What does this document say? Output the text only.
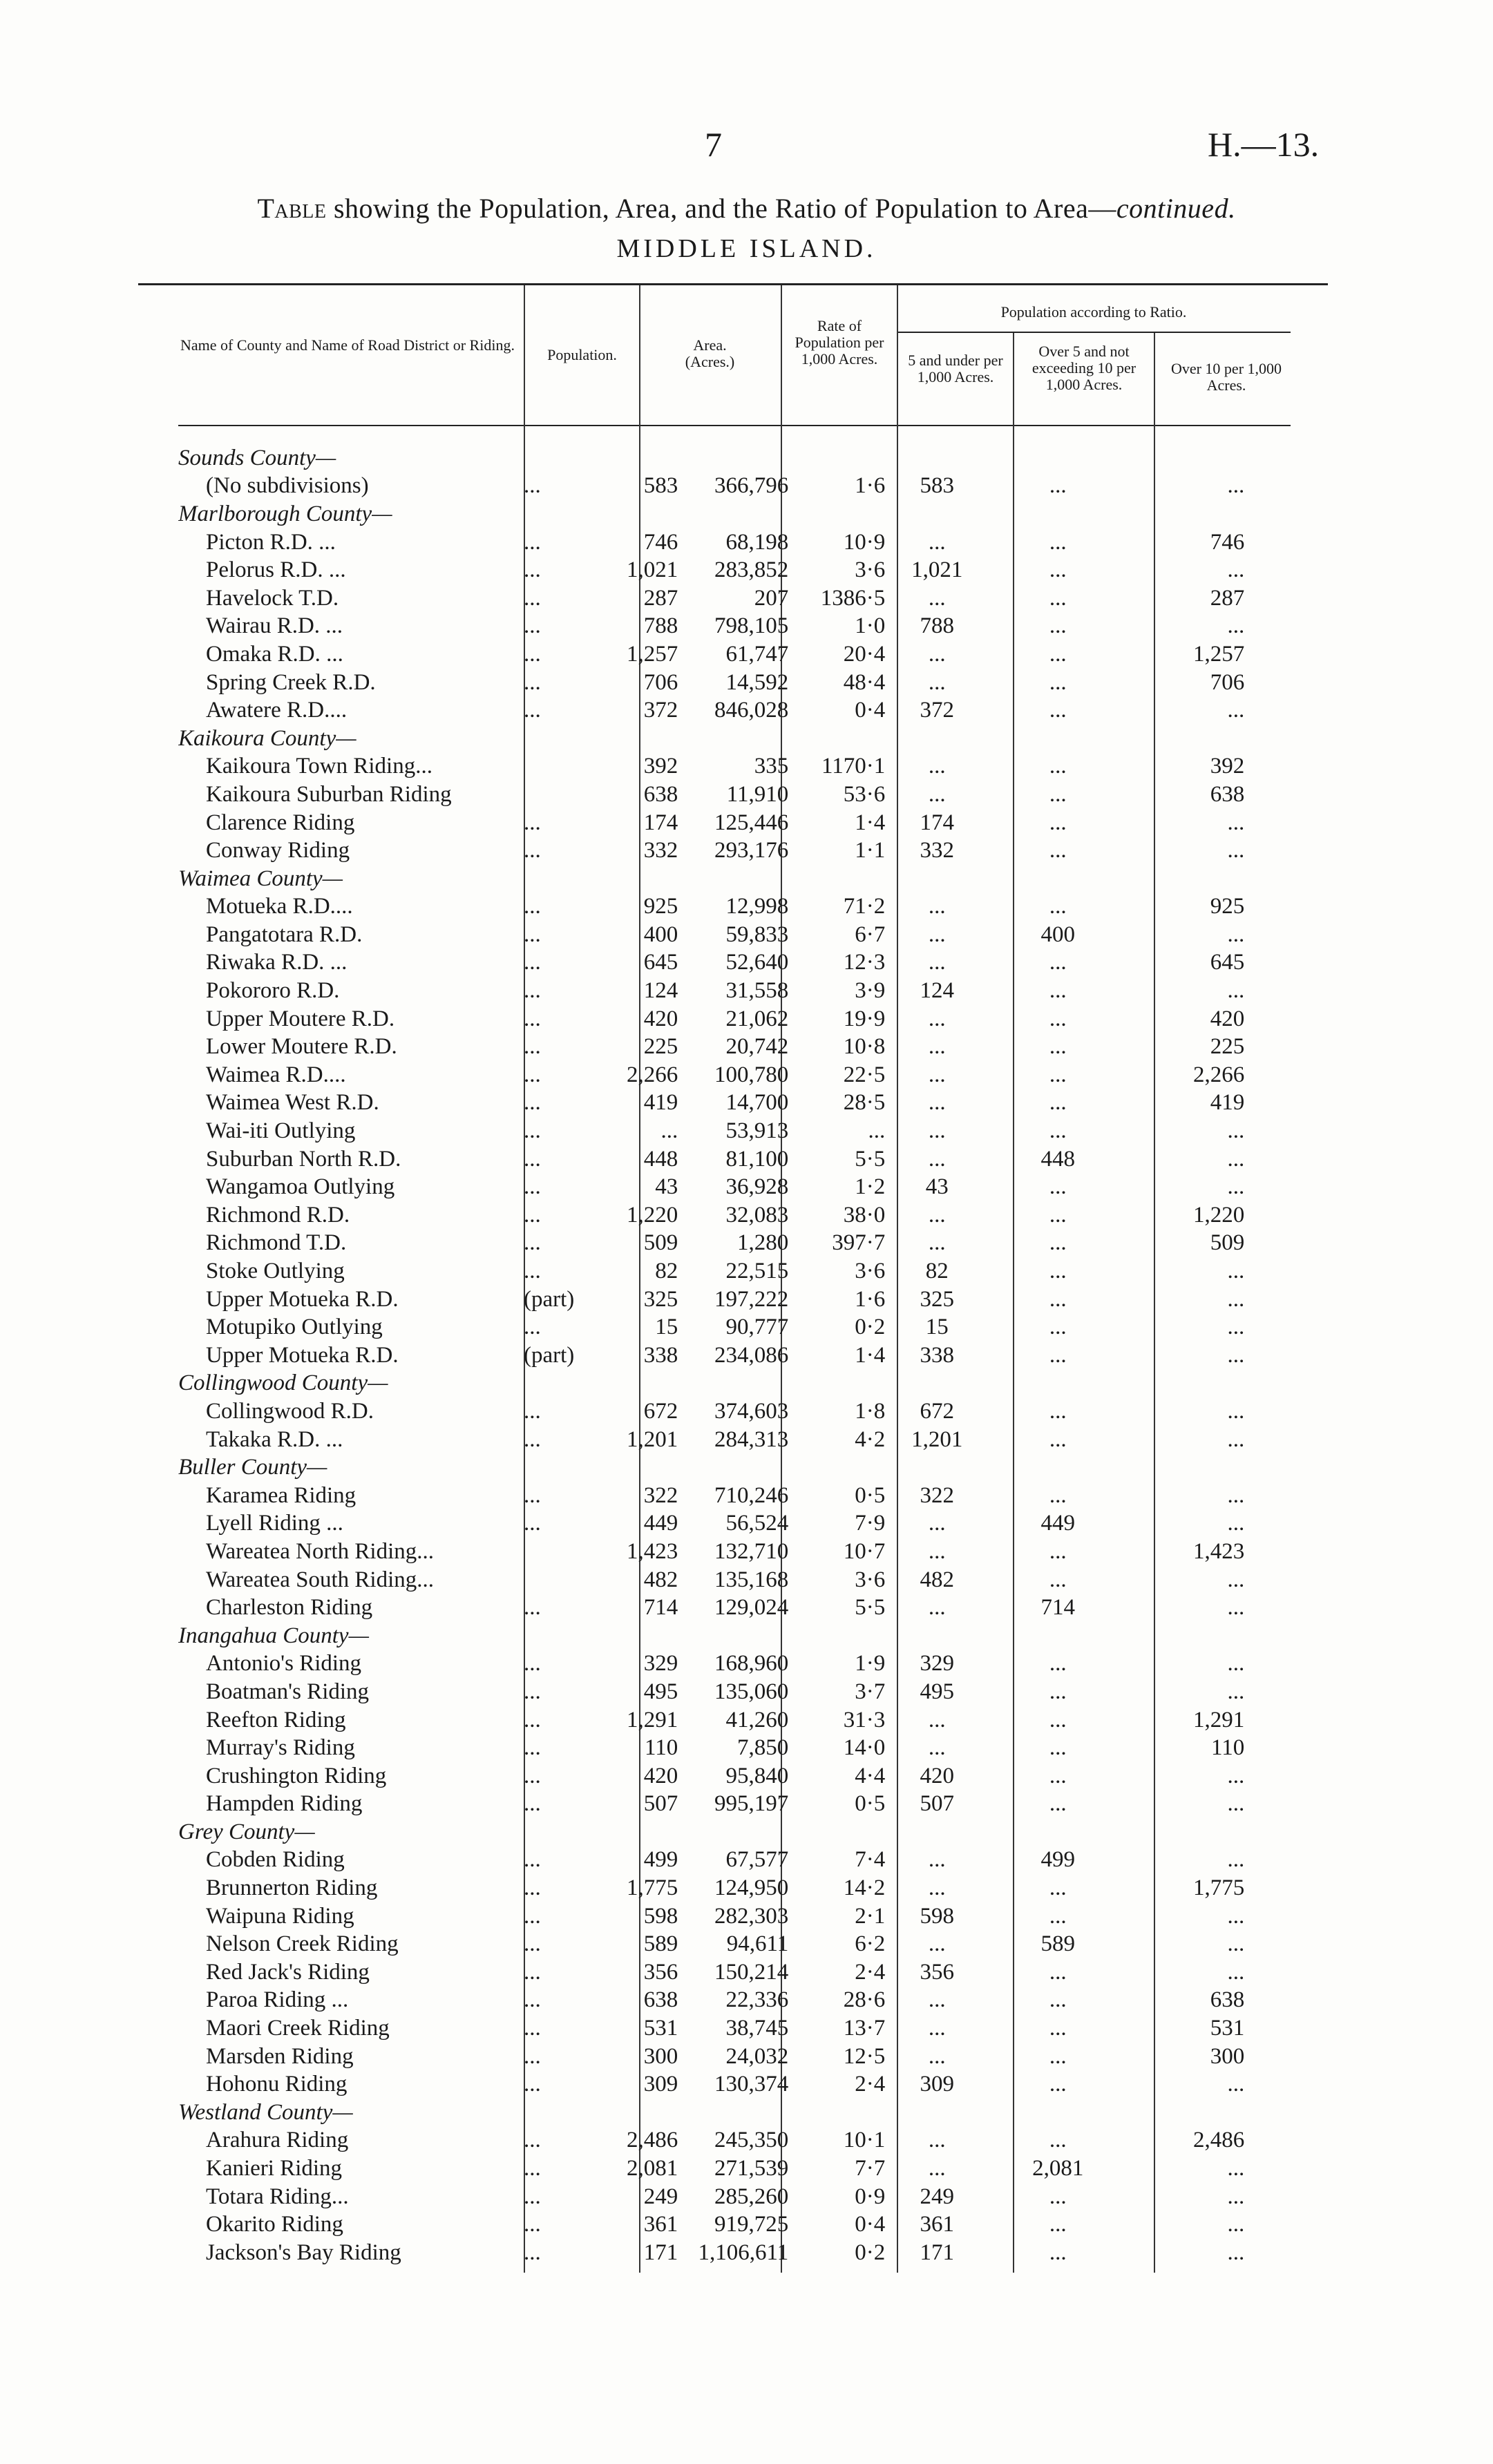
7	H.—13.
Table showing the Population, Area, and the Ratio of Population to Area—continued.
MIDDLE ISLAND.
Name of County and Name of Road District or Riding.
Population.
Area. (Acres.)
Rate of Population per 1,000 Acres.
Population according to Ratio.
5 and under per 1,000 Acres.
Over 5 and not exceeding 10 per 1,000 Acres.
Over 10 per 1,000 Acres.
Sounds County—							
(No subdivisions)	...	583	366,796	1·6	583	...	...
Marlborough County—							
Picton R.D. ...	...	746	68,198	10·9	...	...	746
Pelorus R.D. ...	...	1,021	283,852	3·6	1,021	...	...
Havelock T.D.	...	287	207	1386·5	...	...	287
Wairau R.D. ...	...	788	798,105	1·0	788	...	...
Omaka R.D. ...	...	1,257	61,747	20·4	...	...	1,257
Spring Creek R.D.	...	706	14,592	48·4	...	...	706
Awatere R.D....	...	372	846,028	0·4	372	...	...
Kaikoura County—							
Kaikoura Town Riding...		392	335	1170·1	...	...	392
Kaikoura Suburban Riding		638	11,910	53·6	...	...	638
Clarence Riding	...	174	125,446	1·4	174	...	...
Conway Riding	...	332	293,176	1·1	332	...	...
Waimea County—							
Motueka R.D....	...	925	12,998	71·2	...	...	925
Pangatotara R.D.	...	400	59,833	6·7	...	400	...
Riwaka R.D. ...	...	645	52,640	12·3	...	...	645
Pokororo R.D.	...	124	31,558	3·9	124	...	...
Upper Moutere R.D.	...	420	21,062	19·9	...	...	420
Lower Moutere R.D.	...	225	20,742	10·8	...	...	225
Waimea R.D....	...	2,266	100,780	22·5	...	...	2,266
Waimea West R.D.	...	419	14,700	28·5	...	...	419
Wai-iti Outlying	...	...	53,913	...	...	...	...
Suburban North R.D.	...	448	81,100	5·5	...	448	...
Wangamoa Outlying	...	43	36,928	1·2	43	...	...
Richmond R.D.	...	1,220	32,083	38·0	...	...	1,220
Richmond T.D.	...	509	1,280	397·7	...	...	509
Stoke Outlying	...	82	22,515	3·6	82	...	...
Upper Motueka R.D.	(part)	325	197,222	1·6	325	...	...
Motupiko Outlying	...	15	90,777	0·2	15	...	...
Upper Motueka R.D.	(part)	338	234,086	1·4	338	...	...
Collingwood County—							
Collingwood R.D.	...	672	374,603	1·8	672	...	...
Takaka R.D. ...	...	1,201	284,313	4·2	1,201	...	...
Buller County—							
Karamea Riding	...	322	710,246	0·5	322	...	...
Lyell Riding ...	...	449	56,524	7·9	...	449	...
Wareatea North Riding...		1,423	132,710	10·7	...	...	1,423
Wareatea South Riding...		482	135,168	3·6	482	...	...
Charleston Riding	...	714	129,024	5·5	...	714	...
Inangahua County—							
Antonio's Riding	...	329	168,960	1·9	329	...	...
Boatman's Riding	...	495	135,060	3·7	495	...	...
Reefton Riding	...	1,291	41,260	31·3	...	...	1,291
Murray's Riding	...	110	7,850	14·0	...	...	110
Crushington Riding	...	420	95,840	4·4	420	...	...
Hampden Riding	...	507	995,197	0·5	507	...	...
Grey County—							
Cobden Riding	...	499	67,577	7·4	...	499	...
Brunnerton Riding	...	1,775	124,950	14·2	...	...	1,775
Waipuna Riding	...	598	282,303	2·1	598	...	...
Nelson Creek Riding	...	589	94,611	6·2	...	589	...
Red Jack's Riding	...	356	150,214	2·4	356	...	...
Paroa Riding ...	...	638	22,336	28·6	...	...	638
Maori Creek Riding	...	531	38,745	13·7	...	...	531
Marsden Riding	...	300	24,032	12·5	...	...	300
Hohonu Riding	...	309	130,374	2·4	309	...	...
Westland County—							
Arahura Riding	...	2,486	245,350	10·1	...	...	2,486
Kanieri Riding	...	2,081	271,539	7·7	...	2,081	...
Totara Riding...	...	249	285,260	0·9	249	...	...
Okarito Riding	...	361	919,725	0·4	361	...	...
Jackson's Bay Riding	...	171	1,106,611	0·2	171	...	...
